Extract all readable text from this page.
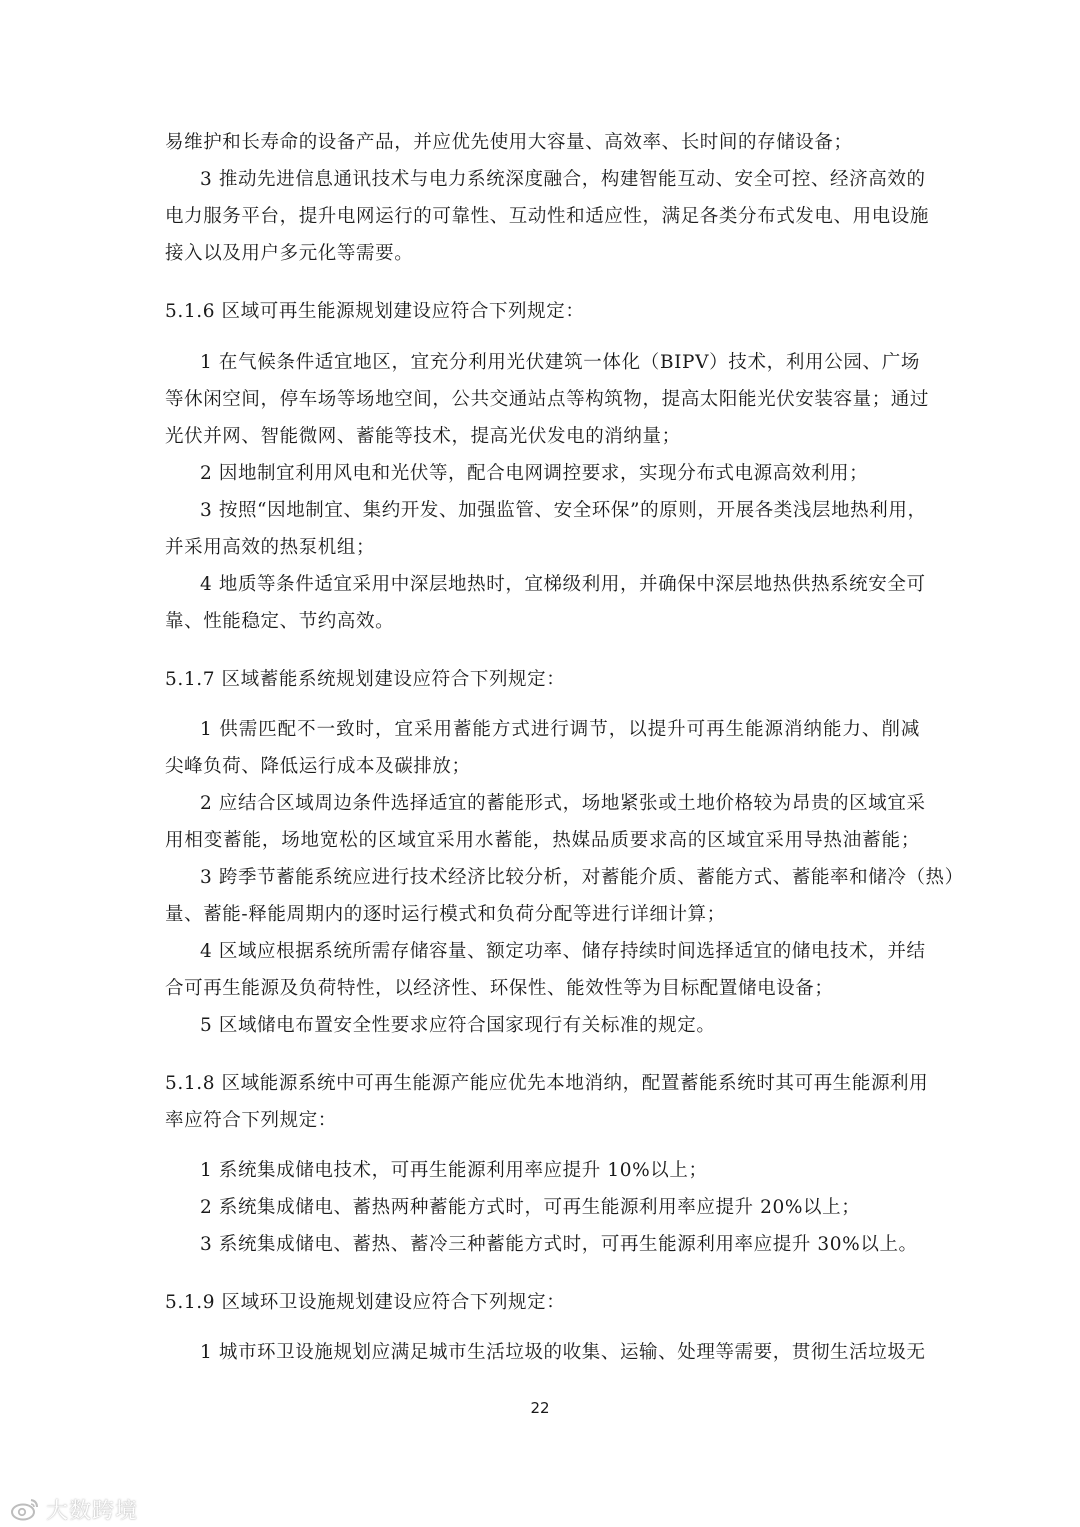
易维护和长寿命的设备产品，并应优先使用大容量、高效率、长时间的存储设备；
3 推动先进信息通讯技术与电力系统深度融合，构建智能互动、安全可控、经济高效的
电力服务平台，提升电网运行的可靠性、互动性和适应性，满足各类分布式发电、用电设施
接入以及用户多元化等需要。
5.1.6 区域可再生能源规划建设应符合下列规定：
1 在气候条件适宜地区，宜充分利用光伏建筑一体化（BIPV）技术，利用公园、广场
等休闲空间，停车场等场地空间，公共交通站点等构筑物，提高太阳能光伏安装容量；通过
光伏并网、智能微网、蓄能等技术，提高光伏发电的消纳量；
2 因地制宜利用风电和光伏等，配合电网调控要求，实现分布式电源高效利用；
3 按照“因地制宜、集约开发、加强监管、安全环保”的原则，开展各类浅层地热利用，
并采用高效的热泵机组；
4 地质等条件适宜采用中深层地热时，宜梯级利用，并确保中深层地热供热系统安全可
靠、性能稳定、节约高效。
5.1.7 区域蓄能系统规划建设应符合下列规定：
1 供需匹配不一致时，宜采用蓄能方式进行调节，以提升可再生能源消纳能力、削减
尖峰负荷、降低运行成本及碳排放；
2 应结合区域周边条件选择适宜的蓄能形式，场地紧张或土地价格较为昂贵的区域宜采
用相变蓄能，场地宽松的区域宜采用水蓄能，热媒品质要求高的区域宜采用导热油蓄能；
3 跨季节蓄能系统应进行技术经济比较分析，对蓄能介质、蓄能方式、蓄能率和储冷（热）
量、蓄能-释能周期内的逐时运行模式和负荷分配等进行详细计算；
4 区域应根据系统所需存储容量、额定功率、储存持续时间选择适宜的储电技术，并结
合可再生能源及负荷特性，以经济性、环保性、能效性等为目标配置储电设备；
5 区域储电布置安全性要求应符合国家现行有关标准的规定。
5.1.8 区域能源系统中可再生能源产能应优先本地消纳，配置蓄能系统时其可再生能源利用
率应符合下列规定：
1 系统集成储电技术，可再生能源利用率应提升 10%以上；
2 系统集成储电、蓄热两种蓄能方式时，可再生能源利用率应提升 20%以上；
3 系统集成储电、蓄热、蓄冷三种蓄能方式时，可再生能源利用率应提升 30%以上。
5.1.9 区域环卫设施规划建设应符合下列规定：
1 城市环卫设施规划应满足城市生活垃圾的收集、运输、处理等需要，贯彻生活垃圾无
22
大数跨境
